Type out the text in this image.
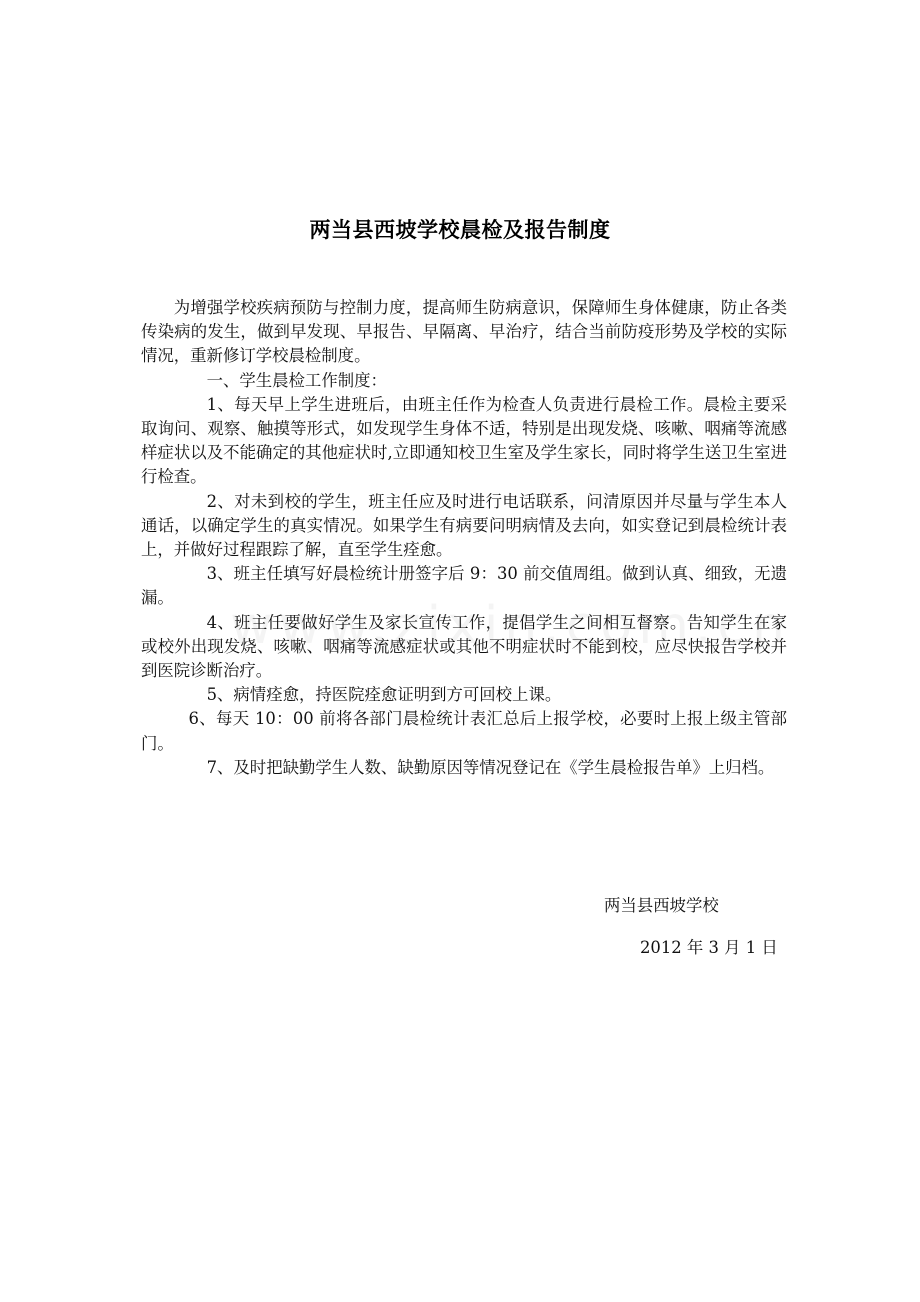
两当县西坡学校晨检及报告制度

为增强学校疾病预防与控制力度，提高师生防病意识，保障师生身体健康，防止各类传染病的发生，做到早发现、早报告、早隔离、早治疗，结合当前防疫形势及学校的实际情况，重新修订学校晨检制度。

一、学生晨检工作制度：

1、每天早上学生进班后，由班主任作为检查人负责进行晨检工作。晨检主要采取询问、观察、触摸等形式，如发现学生身体不适，特别是出现发烧、咳嗽、咽痛等流感样症状以及不能确定的其他症状时,立即通知校卫生室及学生家长，同时将学生送卫生室进行检查。

2、对未到校的学生，班主任应及时进行电话联系，问清原因并尽量与学生本人通话，以确定学生的真实情况。如果学生有病要问明病情及去向，如实登记到晨检统计表上，并做好过程跟踪了解，直至学生痊愈。

3、班主任填写好晨检统计册签字后 9：30 前交值周组。做到认真、细致，无遗漏。

4、班主任要做好学生及家长宣传工作，提倡学生之间相互督察。告知学生在家或校外出现发烧、咳嗽、咽痛等流感症状或其他不明症状时不能到校，应尽快报告学校并到医院诊断治疗。

5、病情痊愈，持医院痊愈证明到方可回校上课。

6、每天 10：00 前将各部门晨检统计表汇总后上报学校，必要时上报上级主管部门。

7、及时把缺勤学生人数、缺勤原因等情况登记在《学生晨检报告单》上归档。

两当县西坡学校
2012 年 3 月 1 日
